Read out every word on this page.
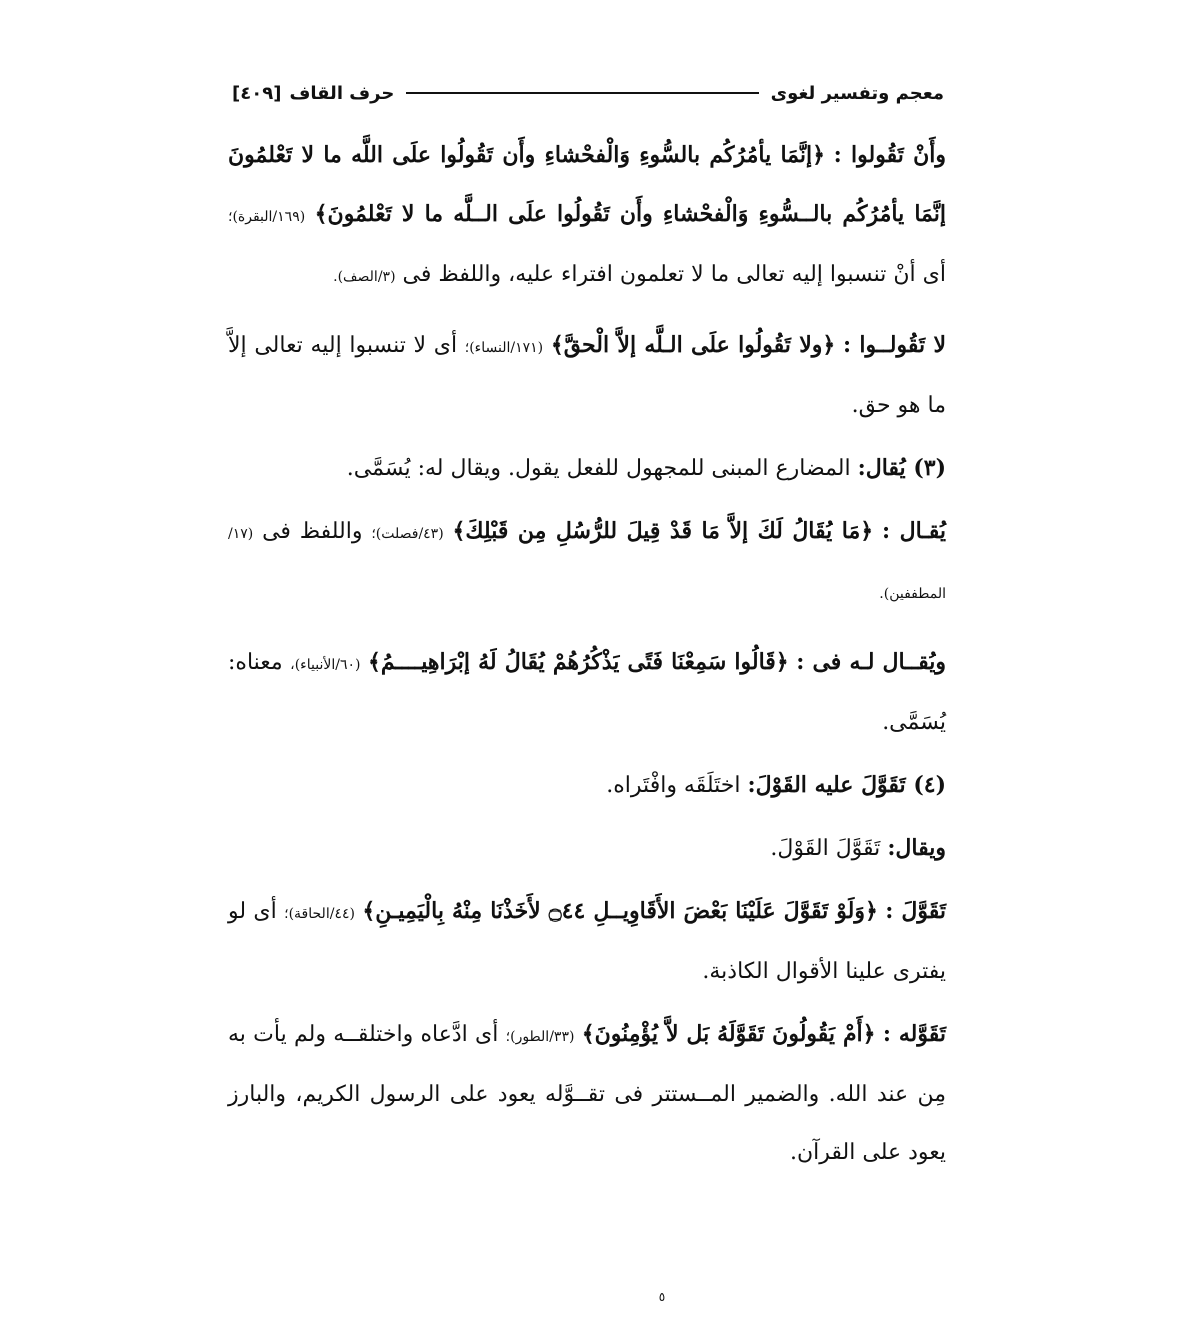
معجم وتفسير لغوى
حرف القاف
[٤٠٩]

وأَنْ تَقُولوا : ﴿إنَّمَا يأمُرُكُم بالسُّوءِ وَالْفحْشاءِ وأَن تَقُولُوا علَى اللَّه ما لا تَعْلمُونَ إنَّمَا يأمُرُكُم بالــسُّوءِ وَالْفحْشاءِ وأَن تَقُولُوا علَى الــلَّه ما لا تَعْلمُونَ﴾ (١٦٩/البقرة)؛ أى أنْ تنسبوا إليه تعالى ما لا تعلمون افتراء عليه، واللفظ فى (٣/الصف).

لا تَقُولــوا : ﴿ولا تَقُولُوا علَى الـلَّه إلاَّ الْحقَّ﴾ (١٧١/النساء)؛ أى لا تنسبوا إليه تعالى إلاَّ ما هو حق.

(٣) يُقال: المضارع المبنى للمجهول للفعل يقول. ويقال له: يُسَمَّى.

يُقـال : ﴿مَا يُقَالُ لَكَ إلاَّ مَا قَدْ قِيلَ للرُّسُلِ مِن قَبْلِكَ﴾ (٤٣/فصلت)؛ واللفظ فى (١٧/المطففين).

ويُقــال لـه فى : ﴿قَالُوا سَمِعْنَا فَتًى يَذْكُرُهُمْ يُقَالُ لَهُ إبْرَاهِيــــمُ﴾ (٦٠/الأنبياء)، معناه: يُسَمَّى.

(٤) تَقَوَّلَ عليه القَوْلَ: اختَلَقَه وافْتَراه.

ويقال: تَقَوَّلَ القَوْلَ.

تَقَوَّلَ : ﴿وَلَوْ تَقَوَّلَ عَلَيْنَا بَعْضَ الأَقَاوِيــلِ ۝٤٤ لأَخَذْنَا مِنْهُ بِالْيَمِيـنِ﴾ (٤٤/الحاقة)؛ أى لو يفترى علينا الأقوال الكاذبة.

تَقَوَّله : ﴿أَمْ يَقُولُونَ تَقَوَّلَهُ بَل لاَّ يُؤْمِنُونَ﴾ (٣٣/الطور)؛ أى ادَّعاه واختلقــه ولم يأت به مِن عند الله. والضمير المــستتر فى تقــوَّله يعود على الرسول الكريم، والبارز يعود على القرآن.

٥
